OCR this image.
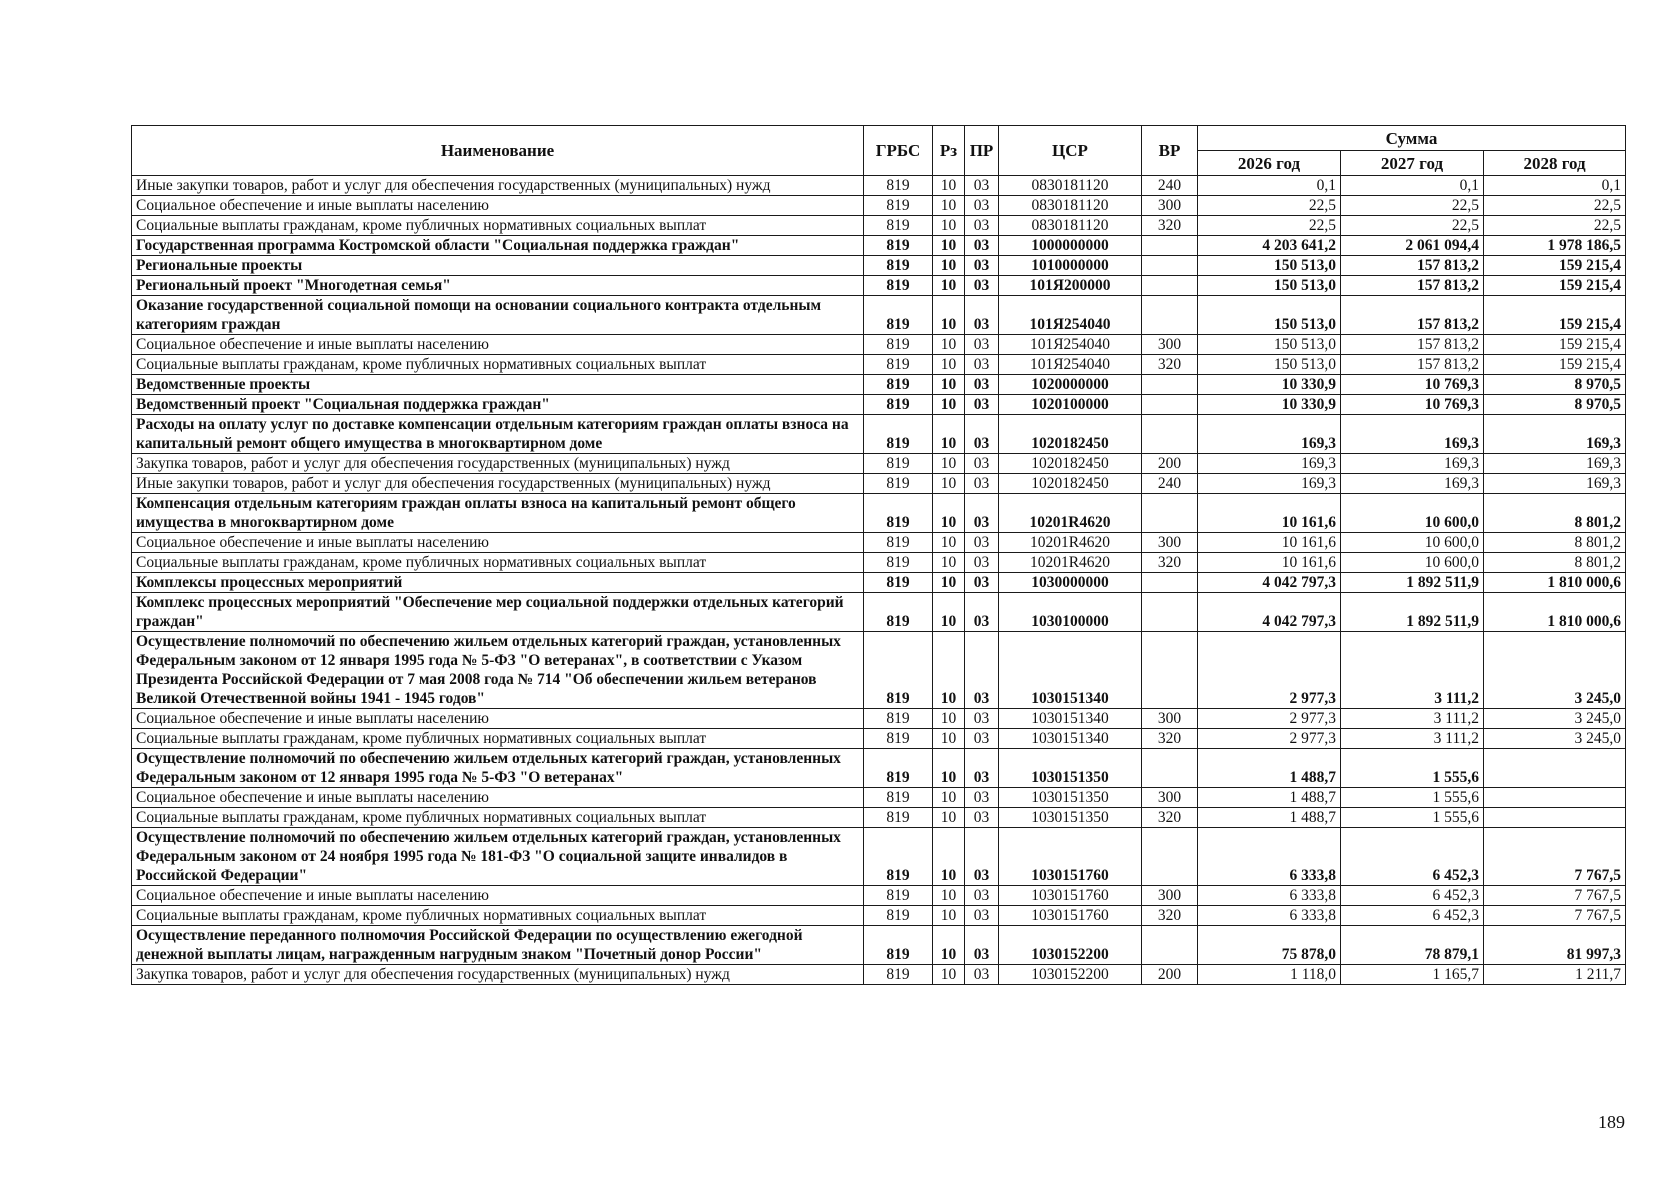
Наименование	ГРБС	Рз	ПР	ЦСР	ВР	Сумма		
						2026 год	2027 год	2028 год
Иные закупки товаров, работ и услуг для обеспечения государственных (муниципальных) нужд	819	10	03	0830181120	240	0,1	0,1	0,1
Социальное обеспечение и иные выплаты населению	819	10	03	0830181120	300	22,5	22,5	22,5
Социальные выплаты гражданам, кроме публичных нормативных социальных выплат	819	10	03	0830181120	320	22,5	22,5	22,5
Государственная программа Костромской области "Социальная поддержка граждан"	819	10	03	1000000000		4 203 641,2	2 061 094,4	1 978 186,5
Региональные проекты	819	10	03	1010000000		150 513,0	157 813,2	159 215,4
Региональный проект "Многодетная семья"	819	10	03	101Я200000		150 513,0	157 813,2	159 215,4
Оказание государственной социальной помощи на основании социального контракта отдельным категориям граждан	819	10	03	101Я254040		150 513,0	157 813,2	159 215,4
Социальное обеспечение и иные выплаты населению	819	10	03	101Я254040	300	150 513,0	157 813,2	159 215,4
Социальные выплаты гражданам, кроме публичных нормативных социальных выплат	819	10	03	101Я254040	320	150 513,0	157 813,2	159 215,4
Ведомственные проекты	819	10	03	1020000000		10 330,9	10 769,3	8 970,5
Ведомственный проект "Социальная поддержка граждан"	819	10	03	1020100000		10 330,9	10 769,3	8 970,5
Расходы на оплату услуг по доставке компенсации отдельным категориям граждан оплаты взноса на капитальный ремонт общего имущества в многоквартирном доме	819	10	03	1020182450		169,3	169,3	169,3
Закупка товаров, работ и услуг для обеспечения государственных (муниципальных) нужд	819	10	03	1020182450	200	169,3	169,3	169,3
Иные закупки товаров, работ и услуг для обеспечения государственных (муниципальных) нужд	819	10	03	1020182450	240	169,3	169,3	169,3
Компенсация отдельным категориям граждан оплаты взноса на капитальный ремонт общего имущества в многоквартирном доме	819	10	03	10201R4620		10 161,6	10 600,0	8 801,2
Социальное обеспечение и иные выплаты населению	819	10	03	10201R4620	300	10 161,6	10 600,0	8 801,2
Социальные выплаты гражданам, кроме публичных нормативных социальных выплат	819	10	03	10201R4620	320	10 161,6	10 600,0	8 801,2
Комплексы процессных мероприятий	819	10	03	1030000000		4 042 797,3	1 892 511,9	1 810 000,6
Комплекс процессных мероприятий "Обеспечение мер социальной поддержки отдельных категорий граждан"	819	10	03	1030100000		4 042 797,3	1 892 511,9	1 810 000,6
Осуществление полномочий по обеспечению жильем отдельных категорий граждан, установленных Федеральным законом от 12 января 1995 года № 5-ФЗ "О ветеранах", в соответствии с Указом Президента Российской Федерации от 7 мая 2008 года № 714 "Об обеспечении жильем ветеранов Великой Отечественной войны 1941 - 1945 годов"	819	10	03	1030151340		2 977,3	3 111,2	3 245,0
Социальное обеспечение и иные выплаты населению	819	10	03	1030151340	300	2 977,3	3 111,2	3 245,0
Социальные выплаты гражданам, кроме публичных нормативных социальных выплат	819	10	03	1030151340	320	2 977,3	3 111,2	3 245,0
Осуществление полномочий по обеспечению жильем отдельных категорий граждан, установленных Федеральным законом от 12 января 1995 года № 5-ФЗ "О ветеранах"	819	10	03	1030151350		1 488,7	1 555,6	
Социальное обеспечение и иные выплаты населению	819	10	03	1030151350	300	1 488,7	1 555,6	
Социальные выплаты гражданам, кроме публичных нормативных социальных выплат	819	10	03	1030151350	320	1 488,7	1 555,6	
Осуществление полномочий по обеспечению жильем отдельных категорий граждан, установленных Федеральным законом от 24 ноября 1995 года № 181-ФЗ "О социальной защите инвалидов в Российской Федерации"	819	10	03	1030151760		6 333,8	6 452,3	7 767,5
Социальное обеспечение и иные выплаты населению	819	10	03	1030151760	300	6 333,8	6 452,3	7 767,5
Социальные выплаты гражданам, кроме публичных нормативных социальных выплат	819	10	03	1030151760	320	6 333,8	6 452,3	7 767,5
Осуществление переданного полномочия Российской Федерации по осуществлению ежегодной денежной выплаты лицам, награжденным нагрудным знаком "Почетный донор России"	819	10	03	1030152200		75 878,0	78 879,1	81 997,3
Закупка товаров, работ и услуг для обеспечения государственных (муниципальных) нужд	819	10	03	1030152200	200	1 118,0	1 165,7	1 211,7
189
